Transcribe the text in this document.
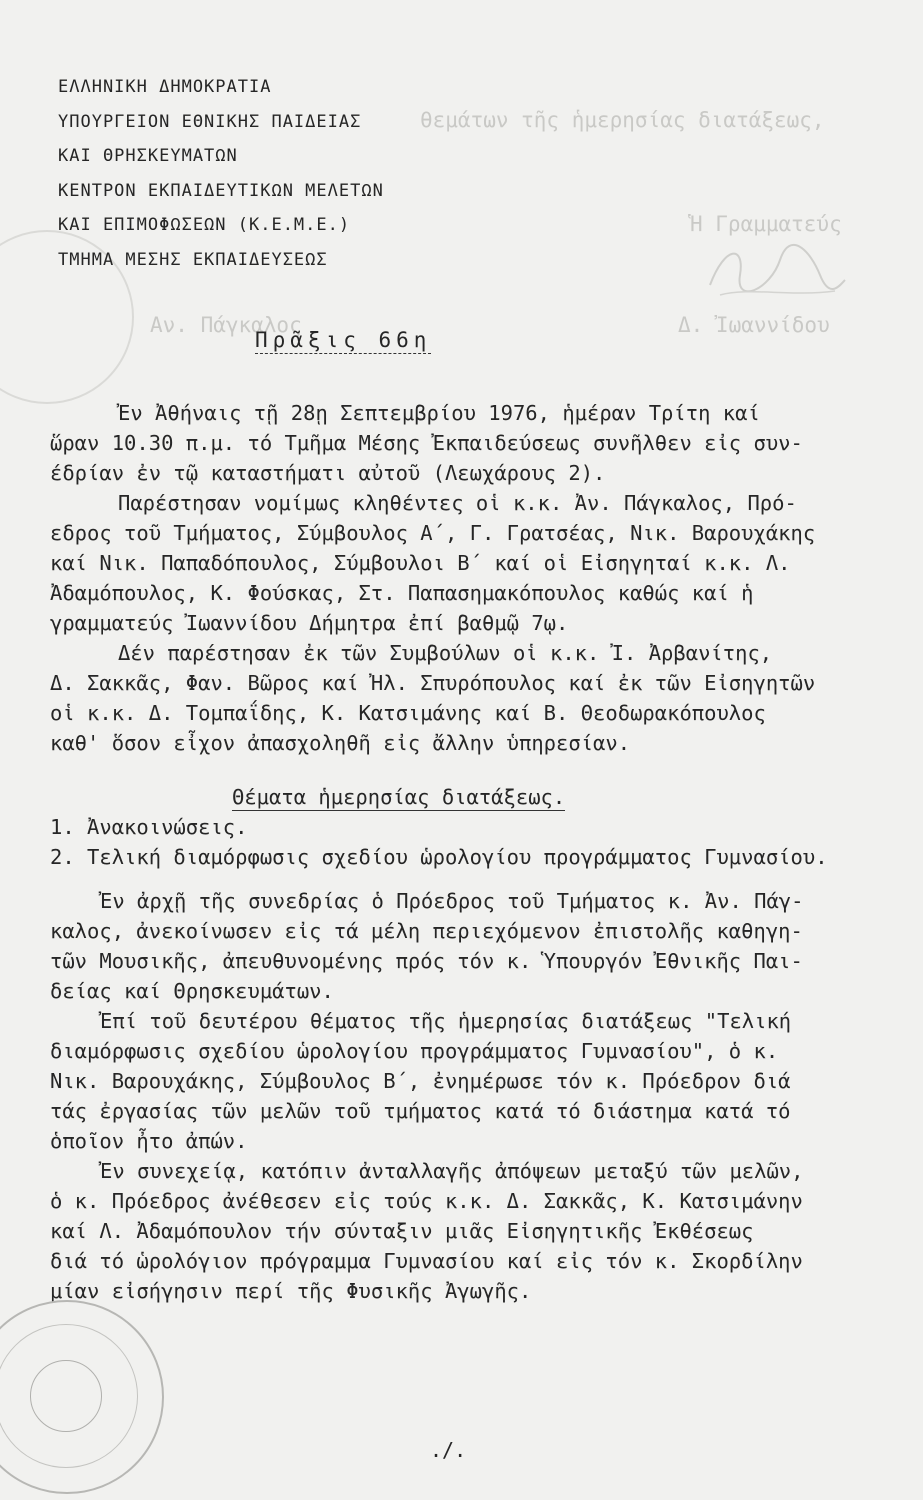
θεμάτων τῆς ἡμερησίας διατάξεως,
Ἡ Γραμματεύς
Αν. Πάγκαλος	Δ. Ἰωαννίδου
ΕΛΛΗΝΙΚΗ ΔΗΜΟΚΡΑΤΙΑ
ΥΠΟΥΡΓΕΙΟΝ ΕΘΝΙΚΗΣ ΠΑΙΔΕΙΑΣ
ΚΑΙ ΘΡΗΣΚΕΥΜΑΤΩΝ
ΚΕΝΤΡΟΝ ΕΚΠΑΙΔΕΥΤΙΚΩΝ ΜΕΛΕΤΩΝ
ΚΑΙ ΕΠΙΜΟΦΩΣΕΩΝ (Κ.Ε.Μ.Ε.)
ΤΜΗΜΑ ΜΕΣΗΣ ΕΚΠΑΙΔΕΥΣΕΩΣ
Πρᾶξις 66η
Ἐν Ἀθήναις τῇ 28ῃ Σεπτεμβρίου 1976, ἡμέραν Τρίτη καί
ὥραν 10.30 π.μ. τό Τμῆμα Μέσης Ἐκπαιδεύσεως συνῆλθεν εἰς συν-
έδρίαν ἐν τῷ καταστήματι αὐτοῦ (Λεωχάρους 2).
Παρέστησαν νομίμως κληθέντες οἱ κ.κ. Ἀν. Πάγκαλος, Πρό-
εδρος τοῦ Τμήματος, Σύμβουλος Α΄, Γ. Γρατσέας, Νικ. Βαρουχάκης
καί Νικ. Παπαδόπουλος, Σύμβουλοι Β΄ καί οἱ Εἰσηγηταί κ.κ. Λ.
Ἀδαμόπουλος, Κ. Φούσκας, Στ. Παπασημακόπουλος καθώς καί ἡ
γραμματεύς Ἰωαννίδου Δήμητρα ἐπί βαθμῷ 7ῳ.
Δέν παρέστησαν ἐκ τῶν Συμβούλων οἱ κ.κ. Ἰ. Ἀρβανίτης,
Δ. Σακκᾶς, Φαν. Βῶρος καί Ἠλ. Σπυρόπουλος καί ἐκ τῶν Εἰσηγητῶν
οἱ κ.κ. Δ. Τομπαΐδης, Κ. Κατσιμάνης καί Β. Θεοδωρακόπουλος
καθ' ὅσον εἶχον ἀπασχοληθῆ εἰς ἄλλην ὑπηρεσίαν.
Θέματα ἡμερησίας διατάξεως.
1. Ἀνακοινώσεις.
2. Τελική διαμόρφωσις σχεδίου ὡρολογίου προγράμματος Γυμνασίου.
Ἐν ἀρχῇ τῆς συνεδρίας ὁ Πρόεδρος τοῦ Τμήματος κ. Ἀν. Πάγ-
καλος, ἀνεκοίνωσεν εἰς τά μέλη περιεχόμενον ἐπιστολῆς καθηγη-
τῶν Μουσικῆς, ἀπευθυνομένης πρός τόν κ. Ὑπουργόν Ἐθνικῆς Παι-
δείας καί Θρησκευμάτων.
Ἐπί τοῦ δευτέρου θέματος τῆς ἡμερησίας διατάξεως "Τελική
διαμόρφωσις σχεδίου ὡρολογίου προγράμματος Γυμνασίου", ὁ κ.
Νικ. Βαρουχάκης, Σύμβουλος Β΄, ἐνημέρωσε τόν κ. Πρόεδρον διά
τάς ἐργασίας τῶν μελῶν τοῦ τμήματος κατά τό διάστημα κατά τό
ὁποῖον ἦτο ἀπών.
Ἐν συνεχείᾳ, κατόπιν ἀνταλλαγῆς ἀπόψεων μεταξύ τῶν μελῶν,
ὁ κ. Πρόεδρος ἀνέθεσεν εἰς τούς κ.κ. Δ. Σακκᾶς, Κ. Κατσιμάνην
καί Λ. Ἀδαμόπουλον τήν σύνταξιν μιᾶς Εἰσηγητικῆς Ἐκθέσεως
διά τό ὡρολόγιον πρόγραμμα Γυμνασίου καί εἰς τόν κ. Σκορδίλην
μίαν εἰσήγησιν περί τῆς Φυσικῆς Ἀγωγῆς.
./.
